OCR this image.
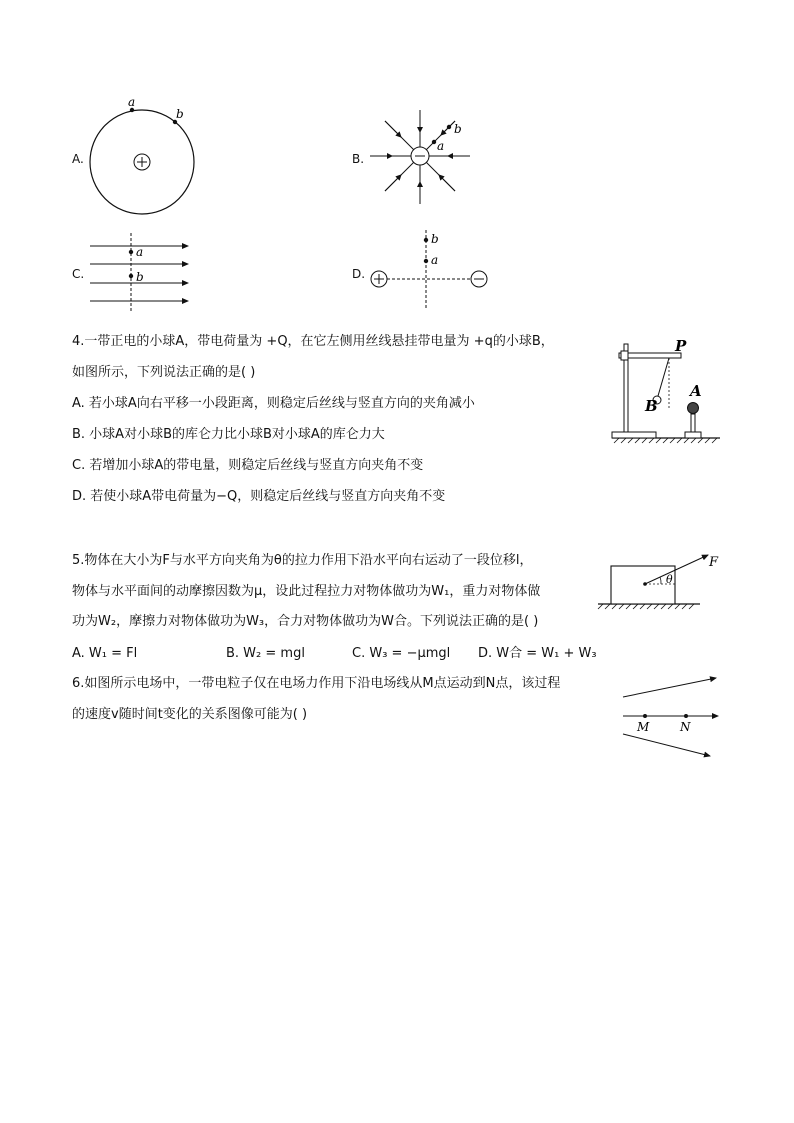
A.
a
b
B.
a
b
C.
a
b	D.
b
a
4.一带正电的小球A，带电荷量为 +Q，在它左侧用丝线悬挂带电量为 +q的小球B，
如图所示，下列说法正确的是( )
A. 若小球A向右平移一小段距离，则稳定后丝线与竖直方向的夹角减小
B. 小球A对小球B的库仑力比小球B对小球A的库仑力大
C. 若增加小球A的带电量，则稳定后丝线与竖直方向夹角不变
D. 若使小球A带电荷量为−Q，则稳定后丝线与竖直方向夹角不变
P
A
B
5.物体在大小为F与水平方向夹角为θ的拉力作用下沿水平向右运动了一段位移l，
物体与水平面间的动摩擦因数为μ，设此过程拉力对物体做功为W₁，重力对物体做
功为W₂，摩擦力对物体做功为W₃，合力对物体做功为W合。下列说法正确的是( )
A. W₁ = Fl	B. W₂ = mgl	C. W₃ = −μmgl D. W合 = W₁ + W₃
F
θ
6.如图所示电场中，一带电粒子仅在电场力作用下沿电场线从M点运动到N点，该过程
的速度v随时间t变化的关系图像可能为( )
M	N
